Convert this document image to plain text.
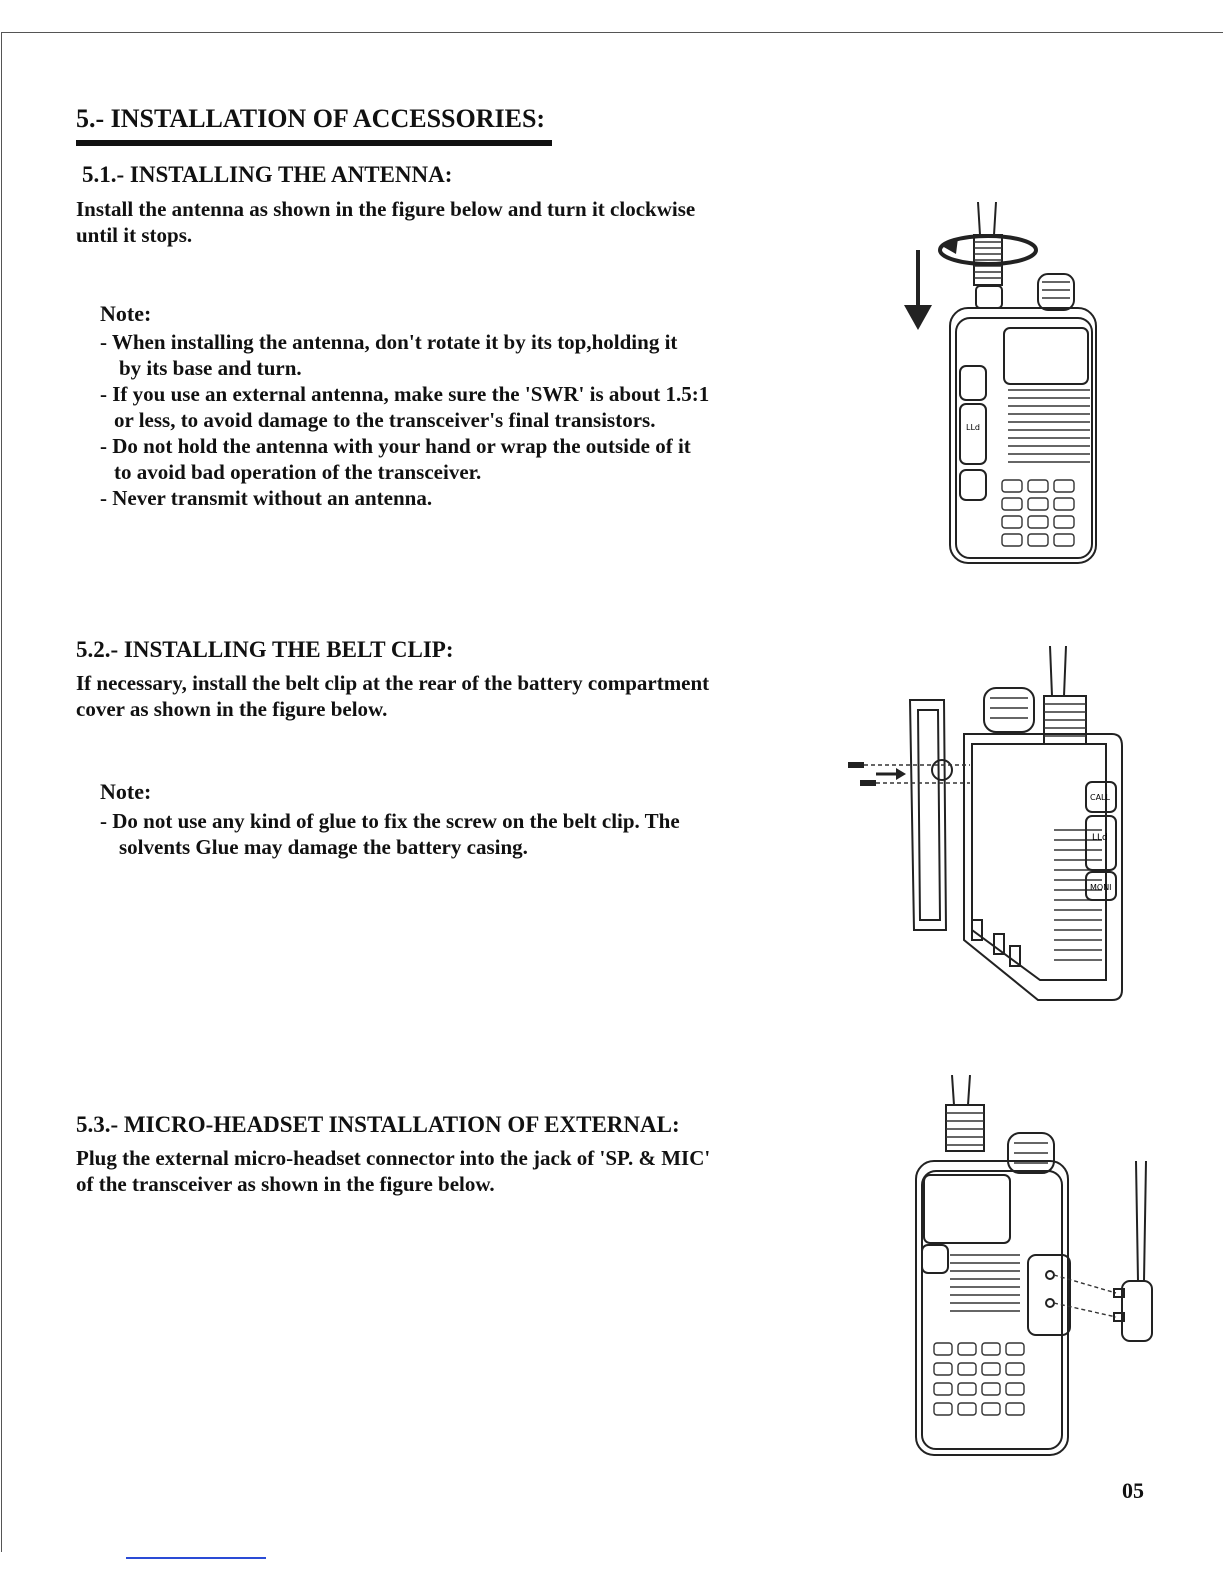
5.- INSTALLATION OF ACCESSORIES:
5.1.- INSTALLING THE ANTENNA:
Install the antenna as shown in the figure below and turn it clockwise
until it stops.
Note:
- When installing the antenna, don't rotate it by its top,holding it
by its base and turn.
- If you use an external antenna, make sure the 'SWR' is about 1.5:1
or less, to avoid damage to the transceiver's final transistors.
- Do not hold the antenna with your hand or wrap the outside of it
to avoid bad operation of the transceiver.
- Never transmit without an antenna.
5.2.- INSTALLING THE BELT CLIP:
If necessary, install the belt clip at the rear of the battery compartment
cover as shown in the figure below.
Note:
- Do not use any kind of glue to fix the screw on the belt clip. The
solvents Glue may damage the battery casing.
5.3.- MICRO-HEADSET INSTALLATION OF EXTERNAL:
Plug the external micro-headset connector into the jack of 'SP. & MIC'
of the transceiver as shown in the figure below.
LLd
CALL
LLd
MONI
05
